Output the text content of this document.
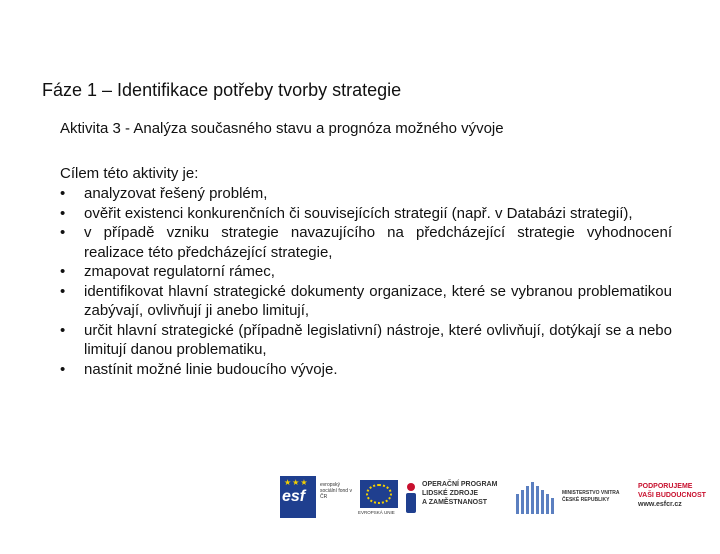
Fáze 1 – Identifikace potřeby tvorby strategie
Aktivita 3 - Analýza současného stavu a prognóza možného vývoje
Cílem této aktivity je:
•	analyzovat řešený problém,
•	ověřit existenci konkurenčních či souvisejících strategií (např. v Databázi strategií),
•	v případě vzniku strategie navazujícího na předcházející strategie vyhodnocení realizace této předcházející strategie,
•	zmapovat regulatorní rámec,
•	identifikovat hlavní strategické dokumenty organizace, které se vybranou problematikou zabývají, ovlivňují ji anebo limitují,
•	určit hlavní strategické (případně legislativní) nástroje, které ovlivňují, dotýkají se a nebo limitují danou problematiku,
•	nastínit možné linie budoucího vývoje.
★★★
esf
evropský sociální fond v ČR
EVROPSKÁ UNIE
OPERAČNÍ PROGRAM
LIDSKÉ ZDROJE
A ZAMĚSTNANOST
MINISTERSTVO VNITRA
ČESKÉ REPUBLIKY
PODPORUJEME
VAŠI BUDOUCNOST
www.esfcr.cz
